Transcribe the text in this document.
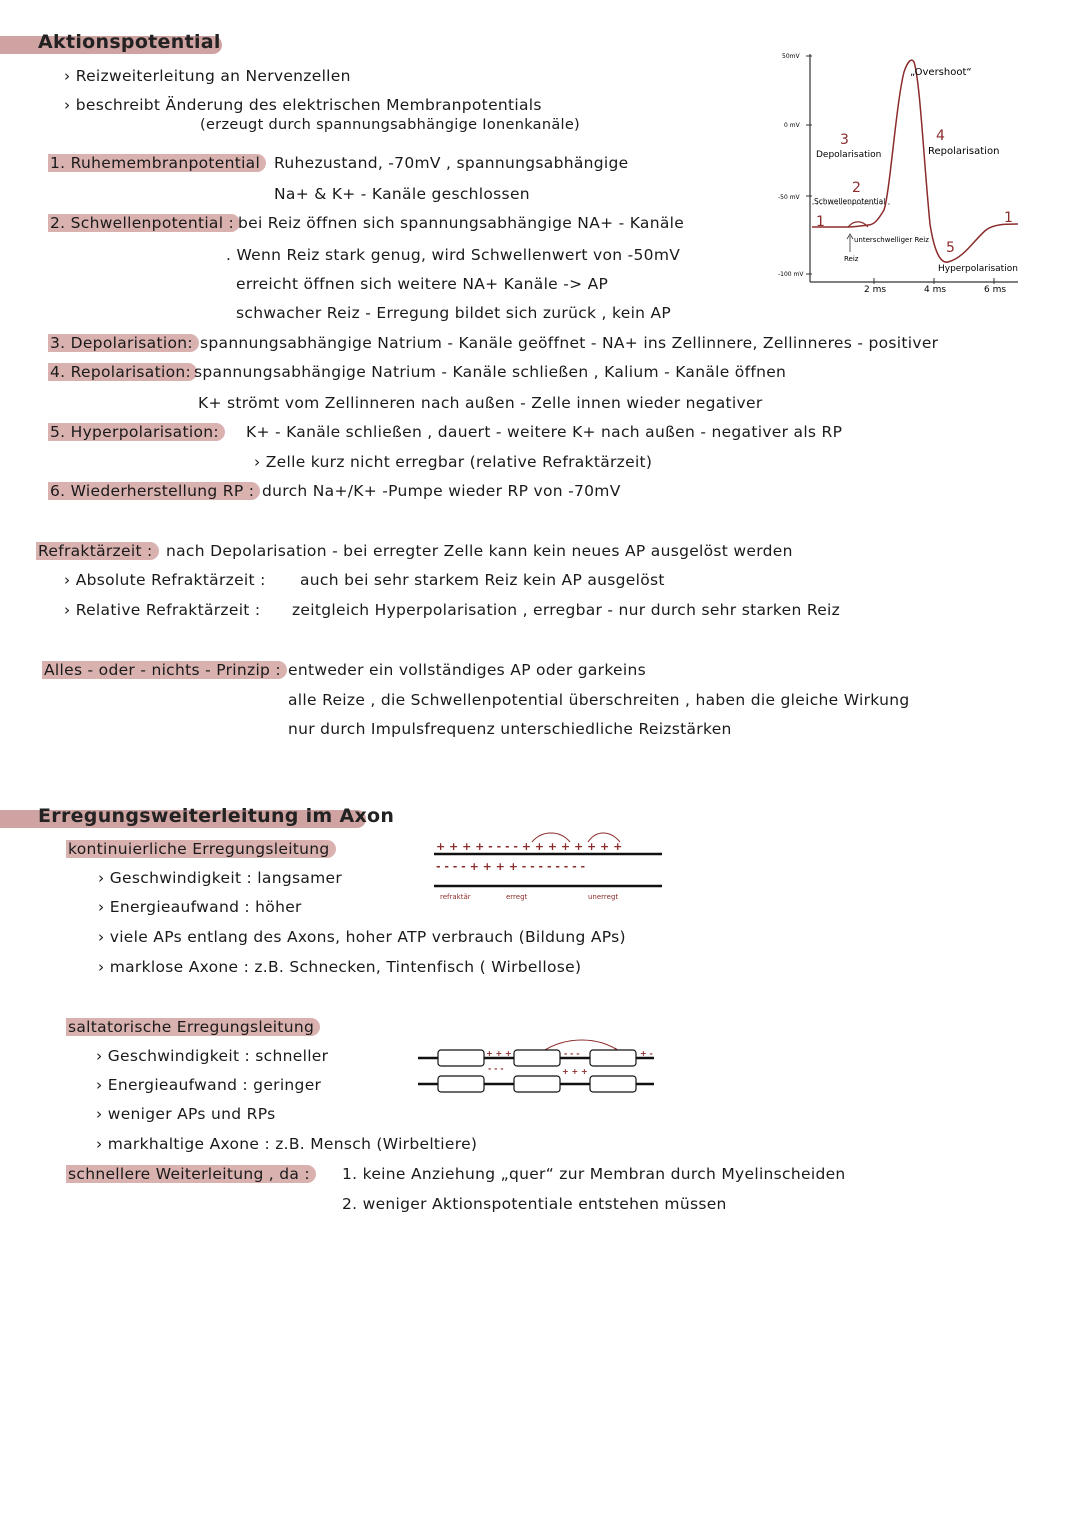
Aktionspotential
› Reizweiterleitung an Nervenzellen
› beschreibt Änderung des elektrischen Membranpotentials
(erzeugt durch spannungsabhängige Ionenkanäle)
1. Ruhemembranpotential Ruhezustand, -70mV , spannungsabhängige
Na+ & K+ - Kanäle geschlossen
2. Schwellenpotential : bei Reiz öffnen sich spannungsabhängige NA+ - Kanäle
. Wenn Reiz stark genug, wird Schwellenwert von -50mV
erreicht öffnen sich weitere NA+ Kanäle -> AP
schwacher Reiz - Erregung bildet sich zurück , kein AP
3. Depolarisation: spannungsabhängige Natrium - Kanäle geöffnet - NA+ ins Zellinnere, Zellinneres - positiver
4. Repolarisation: spannungsabhängige Natrium - Kanäle schließen , Kalium - Kanäle öffnen
K+ strömt vom Zellinneren nach außen - Zelle innen wieder negativer
5. Hyperpolarisation:	K+ - Kanäle schließen , dauert - weitere K+ nach außen - negativer als RP
› Zelle kurz nicht erregbar (relative Refraktärzeit)
6. Wiederherstellung RP : durch Na+/K+ -Pumpe wieder RP von -70mV
50mV
0 mV
-50 mV
-100 mV
2 ms	4 ms	6 ms
unterschwelliger Reiz
Reiz
1	1
2
Schwellenpotential
3
Depolarisation
4
Repolarisation
5
Hyperpolarisation
„Overshoot“
Refraktärzeit : nach Depolarisation - bei erregter Zelle kann kein neues AP ausgelöst werden
› Absolute Refraktärzeit : auch bei sehr starkem Reiz kein AP ausgelöst
› Relative Refraktärzeit : zeitgleich Hyperpolarisation , erregbar - nur durch sehr starken Reiz
Alles - oder - nichts - Prinzip : entweder ein vollständiges AP oder garkeins
alle Reize , die Schwellenpotential überschreiten , haben die gleiche Wirkung
nur durch Impulsfrequenz unterschiedliche Reizstärken
Erregungsweiterleitung im Axon
kontinuierliche Erregungsleitung
› Geschwindigkeit : langsamer
› Energieaufwand : höher
› viele APs entlang des Axons, hoher ATP verbrauch (Bildung APs)
› marklose Axone : z.B. Schnecken, Tintenfisch ( Wirbellose)
+ + + + - - - - + + + + + + + +
- - - - + + + + - - - - - - - -
refraktär	erregt	unerregt
saltatorische Erregungsleitung
› Geschwindigkeit : schneller
› Energieaufwand : geringer
› weniger APs und RPs
› markhaltige Axone : z.B. Mensch (Wirbeltiere)
+ + +
- - -
- - -
+ + +
+ -
schnellere Weiterleitung , da :	1. keine Anziehung „quer“ zur Membran durch Myelinscheiden
2. weniger Aktionspotentiale entstehen müssen
